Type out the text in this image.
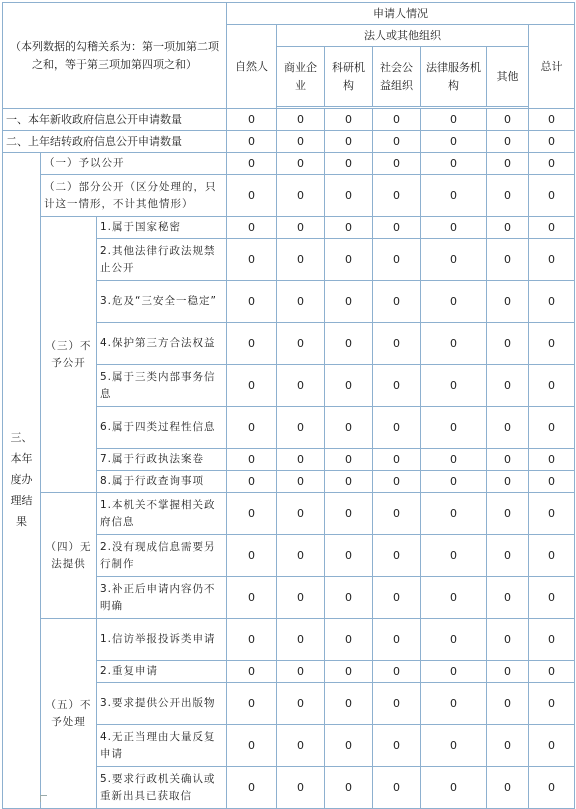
（本列数据的勾稽关系为：第一项加第二项之和，等于第三项加第四项之和）			申请人情况						
			自然人	法人或其他组织					总计
				商业企业	科研机构	社会公益组织	法律服务机构	其他	

一、本年新收政府信息公开申请数量			0	0	0	0	0	0	0
二、上年结转政府信息公开申请数量			0	0	0	0	0	0	0
三、本年度办理结果	（一）予以公开		0	0	0	0	0	0	0
	（二）部分公开（区分处理的，只计这一情形，不计其他情形）		0	0	0	0	0	0	0
	（三）不予公开	1.属于国家秘密	0	0	0	0	0	0	0
		2.其他法律行政法规禁止公开	0	0	0	0	0	0	0
		3.危及“三安全一稳定”	0	0	0	0	0	0	0
		4.保护第三方合法权益	0	0	0	0	0	0	0
		5.属于三类内部事务信息	0	0	0	0	0	0	0
		6.属于四类过程性信息	0	0	0	0	0	0	0
		7.属于行政执法案卷	0	0	0	0	0	0	0
		8.属于行政查询事项	0	0	0	0	0	0	0
	（四）无法提供	1.本机关不掌握相关政府信息	0	0	0	0	0	0	0
		2.没有现成信息需要另行制作	0	0	0	0	0	0	0
		3.补正后申请内容仍不明确	0	0	0	0	0	0	0
	（五）不予处理	1.信访举报投诉类申请	0	0	0	0	0	0	0
		2.重复申请	0	0	0	0	0	0	0
		3.要求提供公开出版物	0	0	0	0	0	0	0
		4.无正当理由大量反复申请	0	0	0	0	0	0	0
		5.要求行政机关确认或重新出具已获取信	0	0	0	0	0	0	0
